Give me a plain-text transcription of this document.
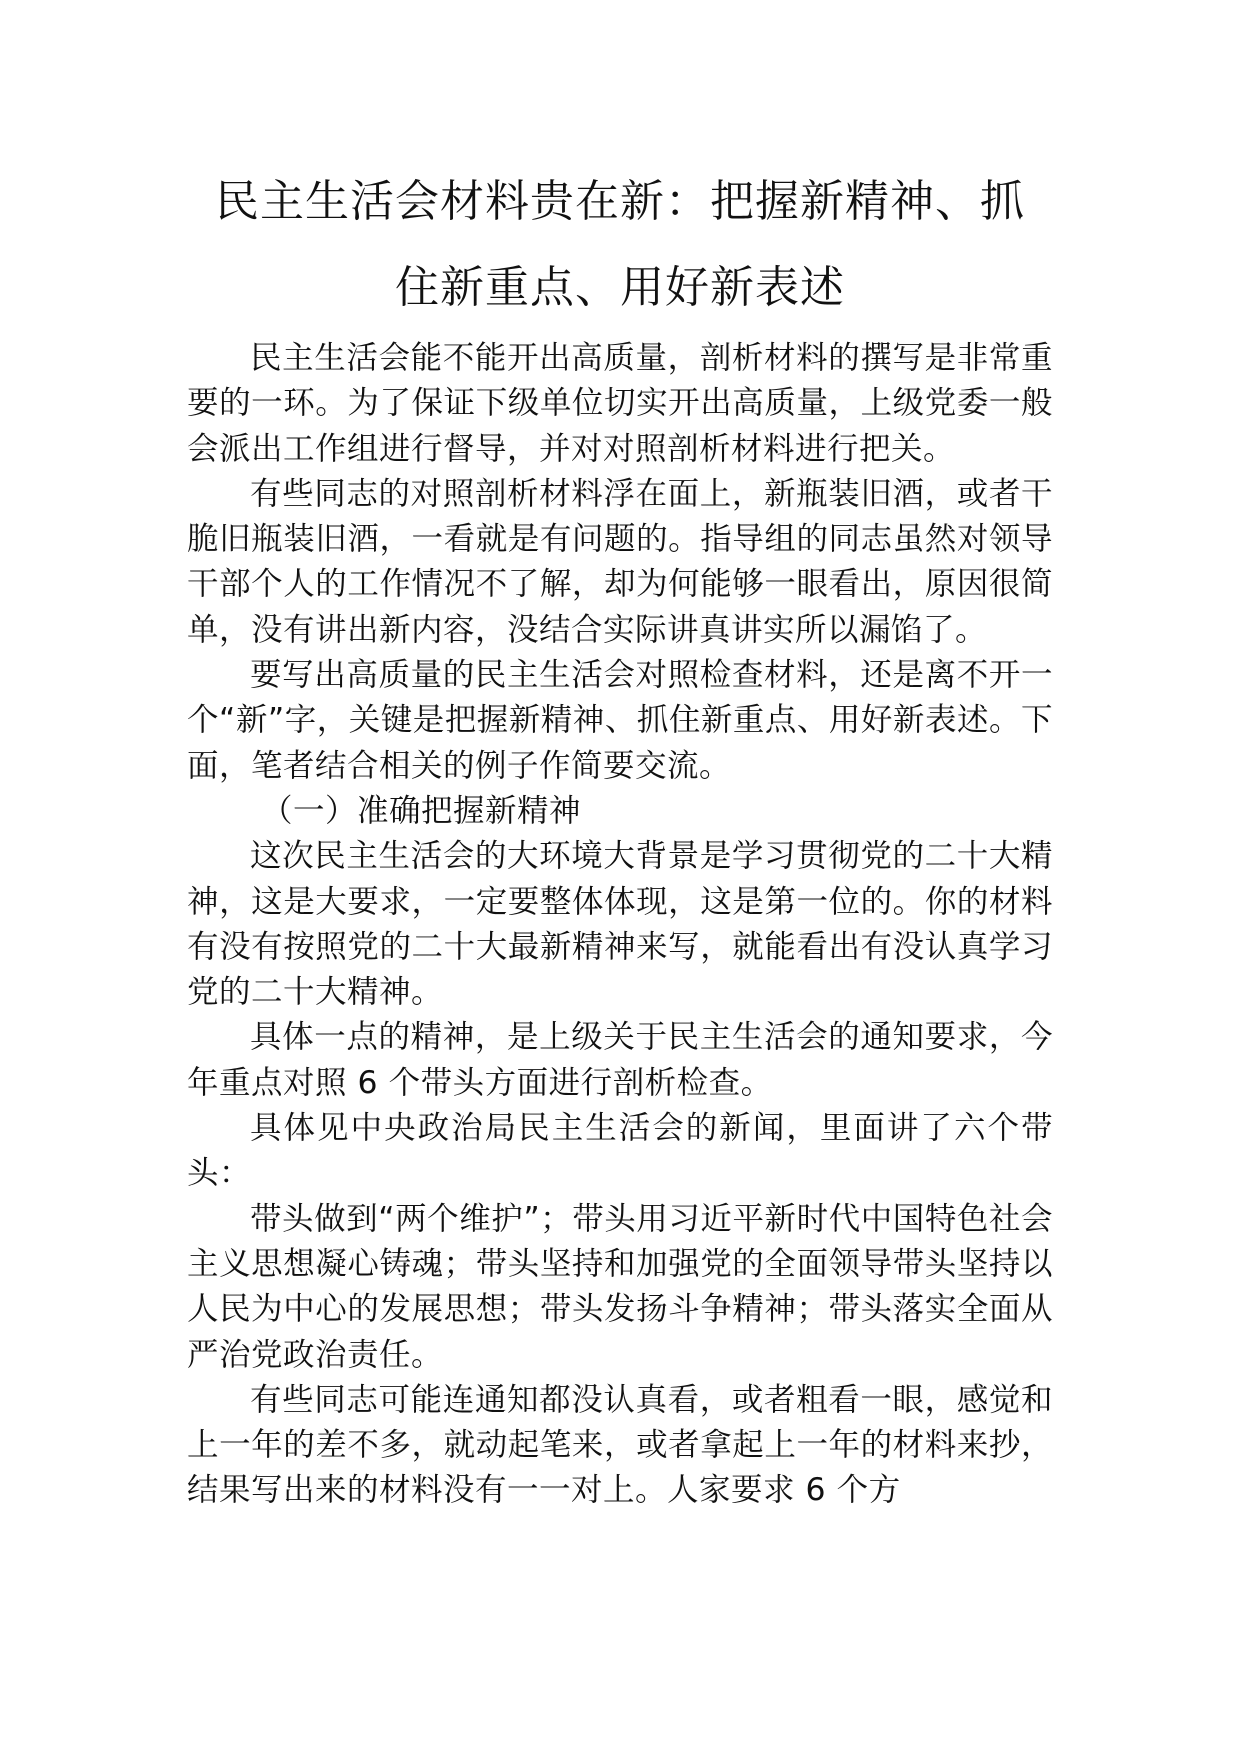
民主生活会材料贵在新：把握新精神、抓
住新重点、用好新表述

民主生活会能不能开出高质量，剖析材料的撰写是非常重要的一环。为了保证下级单位切实开出高质量，上级党委一般会派出工作组进行督导，并对对照剖析材料进行把关。

有些同志的对照剖析材料浮在面上，新瓶装旧酒，或者干脆旧瓶装旧酒，一看就是有问题的。指导组的同志虽然对领导干部个人的工作情况不了解，却为何能够一眼看出，原因很简单，没有讲出新内容，没结合实际讲真讲实所以漏馅了。

要写出高质量的民主生活会对照检查材料，还是离不开一个“新”字，关键是把握新精神、抓住新重点、用好新表述。下面，笔者结合相关的例子作简要交流。

（一）准确把握新精神

这次民主生活会的大环境大背景是学习贯彻党的二十大精神，这是大要求，一定要整体体现，这是第一位的。你的材料有没有按照党的二十大最新精神来写，就能看出有没认真学习党的二十大精神。

具体一点的精神，是上级关于民主生活会的通知要求，今年重点对照 6 个带头方面进行剖析检查。

具体见中央政治局民主生活会的新闻，里面讲了六个带头：

带头做到“两个维护”；带头用习近平新时代中国特色社会主义思想凝心铸魂；带头坚持和加强党的全面领导带头坚持以人民为中心的发展思想；带头发扬斗争精神；带头落实全面从严治党政治责任。

有些同志可能连通知都没认真看，或者粗看一眼，感觉和上一年的差不多，就动起笔来，或者拿起上一年的材料来抄，结果写出来的材料没有一一对上。人家要求 6 个方
